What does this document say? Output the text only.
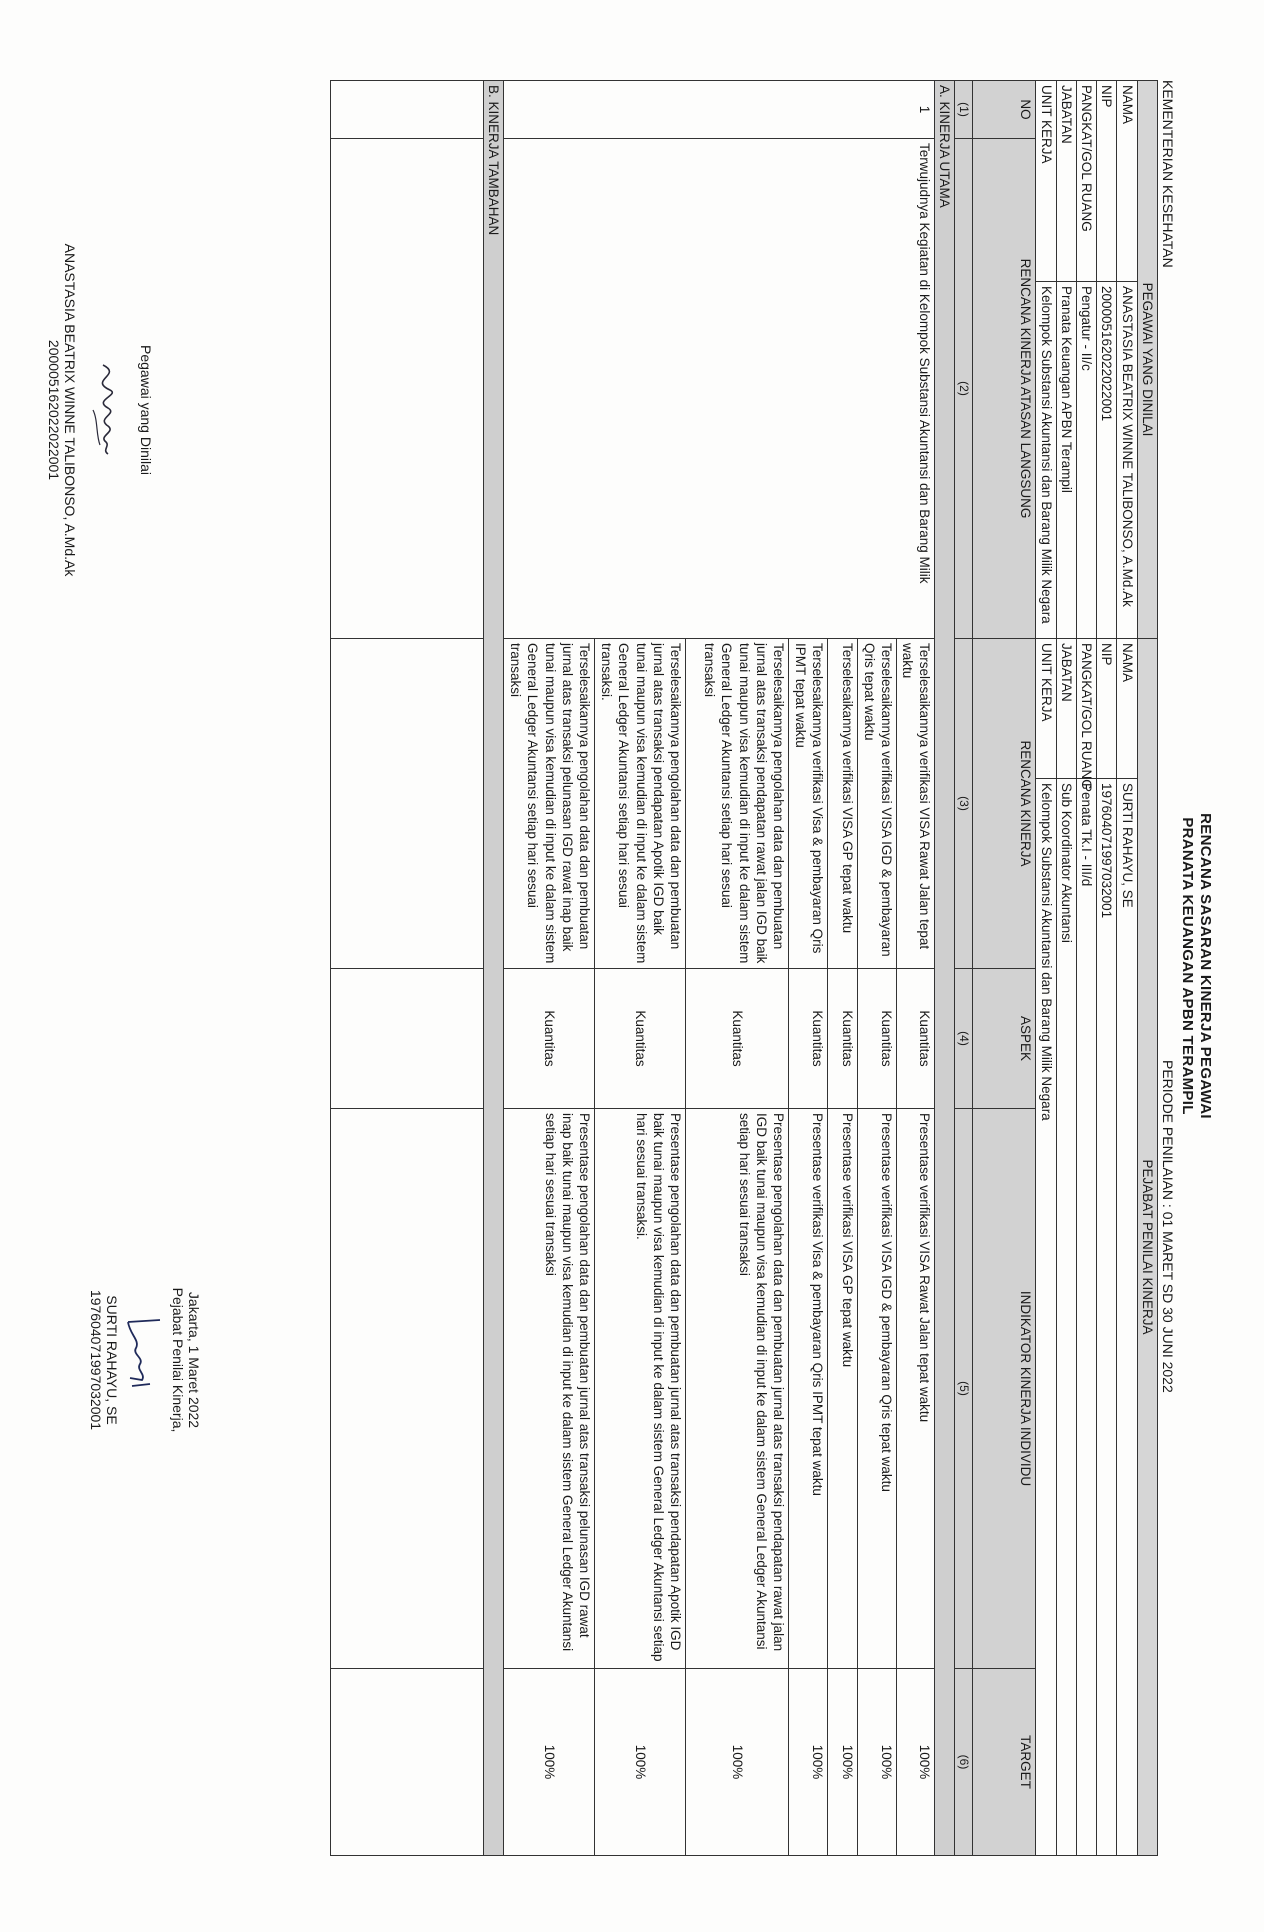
RENCANA SASARAN KINERJA PEGAWAI
PRANATA KEUANGAN APBN TERAMPIL
KEMENTERIAN KESEHATAN
PERIODE PENILAIAN : 01 MARET SD 30 JUNI 2022
PEGAWAI YANG DINILAI			PEJABAT PENILAI KINERJA				
NAMA		ANASTASIA BEATRIX WINNE TALIBONSO, A.Md.Ak	NAMA	SURTI RAHAYU, SE			
NIP		200005162022022001	NIP	197604071997032001			
PANGKAT/GOL RUANG		Pengatur - II/c	PANGKAT/GOL RUANG	Penata Tk.I - III/d			
JABATAN		Pranata Keuangan APBN Terampil	JABATAN	Sub Koordinator Akuntansi			
UNIT KERJA		Kelompok Substansi Akuntansi dan Barang Milik Negara	UNIT KERJA	Kelompok Substansi Akuntansi dan Barang Milik Negara			
NO	RENCANA KINERJA ATASAN LANGSUNG		RENCANA KINERJA		ASPEK	INDIKATOR KINERJA INDIVIDU	TARGET
(1)	(2)		(3)		(4)	(5)	(6)
A. KINERJA UTAMA							
1	Terwujudnya Kegiatan di Kelompok Substansi Akuntansi dan Barang Milik		Terselesaikannya verifikasi VISA Rawat Jalan tepat waktu		Kuantitas	Presentase verifikasi VISA Rawat Jalan tepat waktu	100%
			Terselesaikannya verifikasi VISA IGD & pembayaran Qris tepat waktu		Kuantitas	Presentase verifikasi VISA IGD & pembayaran Qris tepat waktu	100%
			Terselesaikannya verifikasi VISA GP tepat waktu		Kuantitas	Presentase verifikasi VISA GP tepat waktu	100%
			Terselesaikannya verifikasi Visa & pembayaran Qris IPMT tepat waktu		Kuantitas	Presentase verifikasi Visa & pembayaran Qris IPMT tepat waktu	100%
			Terselesaikannya pengolahan data dan pembuatan jurnal atas transaksi pendapatan rawat jalan IGD baik tunai maupun visa kemudian di input ke dalam sistem General Ledger Akuntansi setiap hari sesuai transaksi		Kuantitas	Presentase pengolahan data dan pembuatan jurnal atas transaksi pendapatan rawat jalan IGD baik tunai maupun visa kemudian di input ke dalam sistem General Ledger Akuntansi setiap hari sesuai transaksi	100%
			Terselesaikannya pengolahan data dan pembuatan jurnal atas transaksi pendapatan Apotik IGD baik tunai maupun visa kemudian di input ke dalam sistem General Ledger Akuntansi setiap hari sesuai transaksi.		Kuantitas	Presentase pengolahan data dan pembuatan jurnal atas transaksi pendapatan Apotik IGD baik tunai maupun visa kemudian di input ke dalam sistem General Ledger Akuntansi setiap hari sesuai transaksi.	100%
			Terselesaikannya pengolahan data dan pembuatan jurnal atas transaksi pelunasan IGD rawat inap baik tunai maupun visa kemudian di input ke dalam sistem General Ledger Akuntansi setiap hari sesuai transaksi		Kuantitas	Presentase pengolahan data dan pembuatan jurnal atas transaksi pelunasan IGD rawat inap baik tunai maupun visa kemudian di input ke dalam sistem General Ledger Akuntansi setiap hari sesuai transaksi	100%
B. KINERJA TAMBAHAN							

Pegawai yang Dinilai
ANASTASIA BEATRIX WINNE TALIBONSO, A.Md.Ak
200005162022022001
Jakarta, 1 Maret 2022
Pejabat Penilai Kinerja,
SURTI RAHAYU, SE
197604071997032001
